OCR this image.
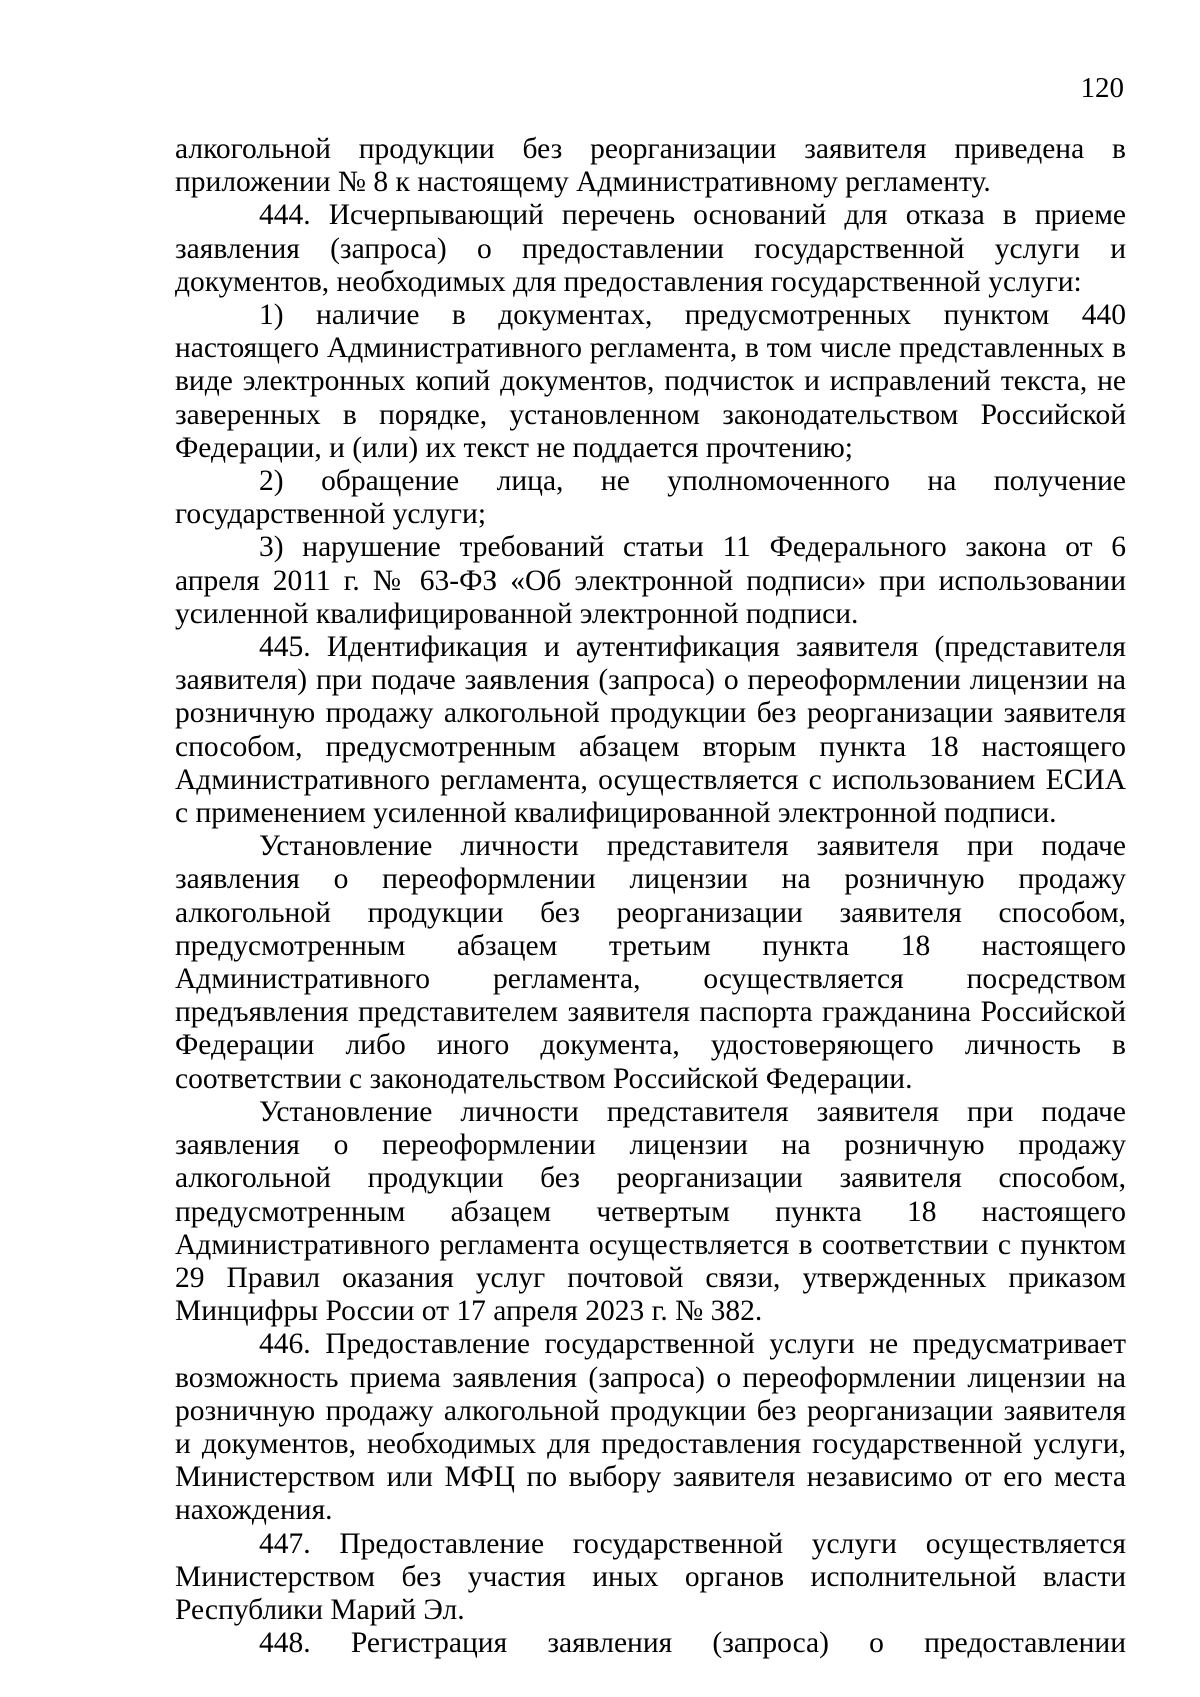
120

алкогольной продукции без реорганизации заявителя приведена в приложении № 8 к настоящему Административному регламенту.

444. Исчерпывающий перечень оснований для отказа в приеме заявления (запроса) о предоставлении государственной услуги и документов, необходимых для предоставления государственной услуги:

1) наличие в документах, предусмотренных пунктом 440 настоящего Административного регламента, в том числе представленных в виде электронных копий документов, подчисток и исправлений текста, не заверенных в порядке, установленном законодательством Российской Федерации, и (или) их текст не поддается прочтению;

2) обращение лица, не уполномоченного на получение государственной услуги;

3) нарушение требований статьи 11 Федерального закона от 6 апреля 2011 г. № 63-ФЗ «Об электронной подписи» при использовании усиленной квалифицированной электронной подписи.

445. Идентификация и аутентификация заявителя (представителя заявителя) при подаче заявления (запроса) о переоформлении лицензии на розничную продажу алкогольной продукции без реорганизации заявителя способом, предусмотренным абзацем вторым пункта 18 настоящего Административного регламента, осуществляется с использованием ЕСИА с применением усиленной квалифицированной электронной подписи.

Установление личности представителя заявителя при подаче заявления о переоформлении лицензии на розничную продажу алкогольной продукции без реорганизации заявителя способом, предусмотренным абзацем третьим пункта 18 настоящего Административного регламента, осуществляется посредством предъявления представителем заявителя паспорта гражданина Российской Федерации либо иного документа, удостоверяющего личность в соответствии с законодательством Российской Федерации.

Установление личности представителя заявителя при подаче заявления о переоформлении лицензии на розничную продажу алкогольной продукции без реорганизации заявителя способом, предусмотренным абзацем четвертым пункта 18 настоящего Административного регламента осуществляется в соответствии с пунктом 29 Правил оказания услуг почтовой связи, утвержденных приказом Минцифры России от 17 апреля 2023 г. № 382.

446. Предоставление государственной услуги не предусматривает возможность приема заявления (запроса) о переоформлении лицензии на розничную продажу алкогольной продукции без реорганизации заявителя и документов, необходимых для предоставления государственной услуги, Министерством или МФЦ по выбору заявителя независимо от его места нахождения.

447. Предоставление государственной услуги осуществляется Министерством без участия иных органов исполнительной власти Республики Марий Эл.

448. Регистрация заявления (запроса) о предоставлении
